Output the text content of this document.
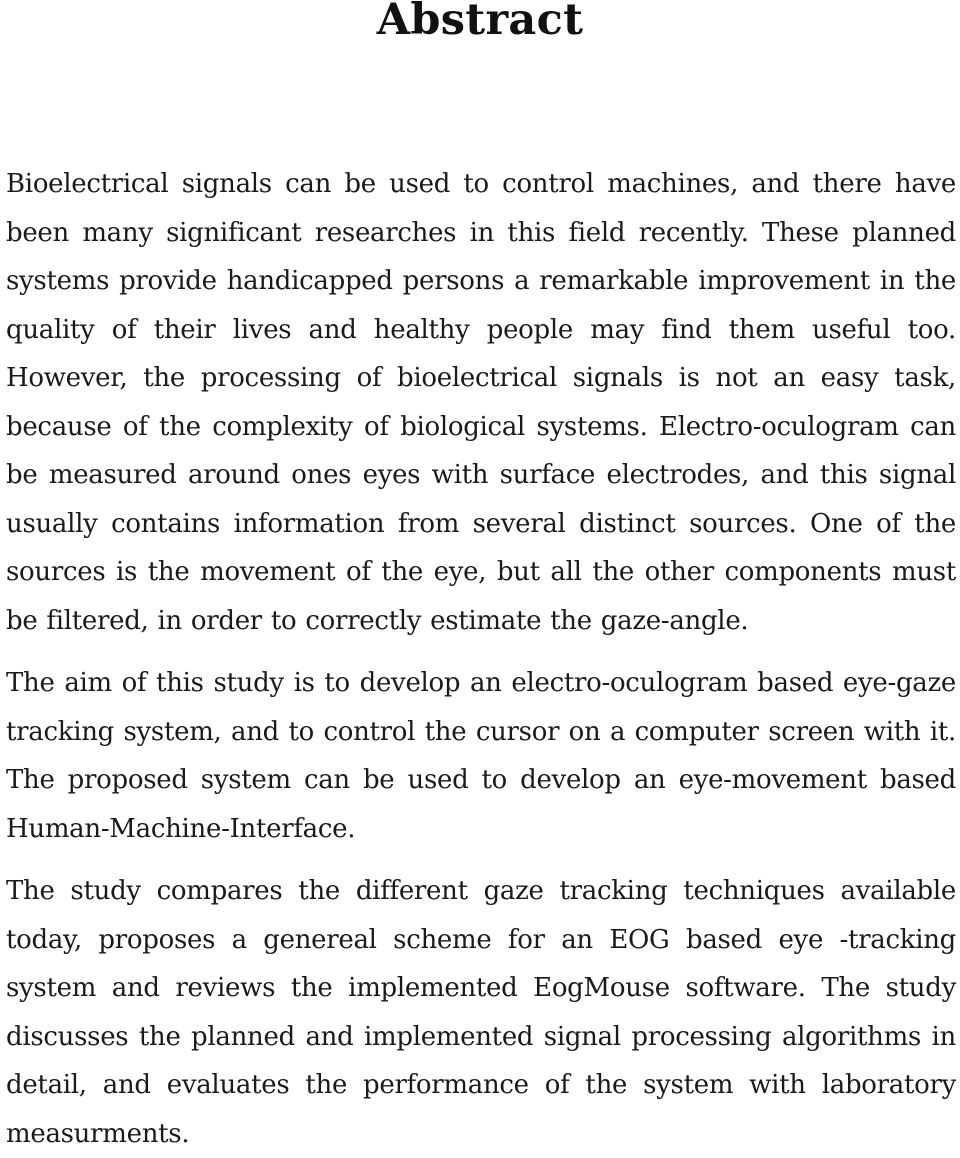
Abstract

Bioelectrical signals can be used to control machines, and there have been many significant researches in this field recently. These planned systems provide handicapped persons a remarkable improvement in the quality of their lives and healthy people may find them useful too. However, the processing of bioelectrical signals is not an easy task, because of the complexity of biological systems. Electro-oculogram can be measured around ones eyes with surface electrodes, and this signal usually contains information from several distinct sources. One of the sources is the movement of the eye, but all the other components must be filtered, in order to correctly estimate the gaze-angle.

The aim of this study is to develop an electro-oculogram based eye-gaze tracking system, and to control the cursor on a computer screen with it. The proposed system can be used to develop an eye-movement based Human-Machine-Interface.

The study compares the different gaze tracking techniques available today, proposes a genereal scheme for an EOG based eye -tracking system and reviews the implemented EogMouse software. The study discusses the planned and implemented signal processing algorithms in detail, and evaluates the performance of the system with laboratory measurments.
